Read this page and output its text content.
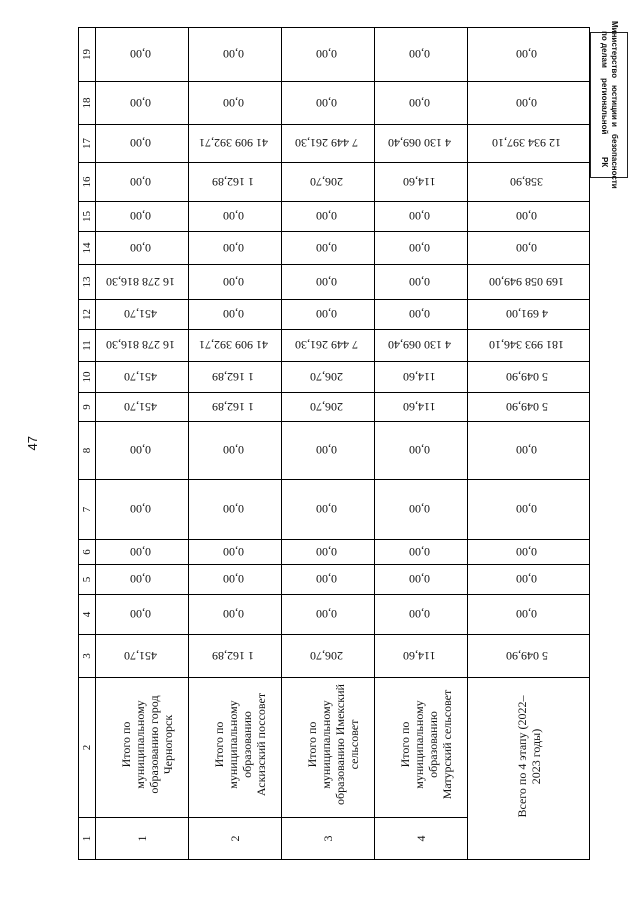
47
Министерство по делам
юстиции и региональной
безопасности РК
1	2	3	4	5	6	7	8	9	10	11	12	13	14	15	16	17	18	19
1	Итого по муниципальному образованию город Черногорск	451,70	0,00	0,00	0,00	0,00	0,00	451,70	451,70	16 278 816,30	451,70	16 278 816,30	0,00	0,00	0,00	0,00	0,00	0,00
2	Итого по муниципальному образованию Аскизский поссовет	1 162,89	0,00	0,00	0,00	0,00	0,00	1 162,89	1 162,89	41 909 392,71	0,00	0,00	0,00	0,00	1 162,89	41 909 392,71	0,00	0,00
3	Итого по муниципальному образованию Имекский сельсовет	206,70	0,00	0,00	0,00	0,00	0,00	206,70	206,70	7 449 261,30	0,00	0,00	0,00	0,00	206,70	7 449 261,30	0,00	0,00
4	Итого по муниципальному образованию Матурский сельсовет	114,60	0,00	0,00	0,00	0,00	0,00	114,60	114,60	4 130 069,40	0,00	0,00	0,00	0,00	114,60	4 130 069,40	0,00	0,00
Всего по 4 этапу (2022–2023 годы)		5 049,90	0,00	0,00	0,00	0,00	0,00	5 049,90	5 049,90	181 993 346,10	4 691,00	169 058 949,00	0,00	0,00	358,90	12 934 397,10	0,00	0,00
